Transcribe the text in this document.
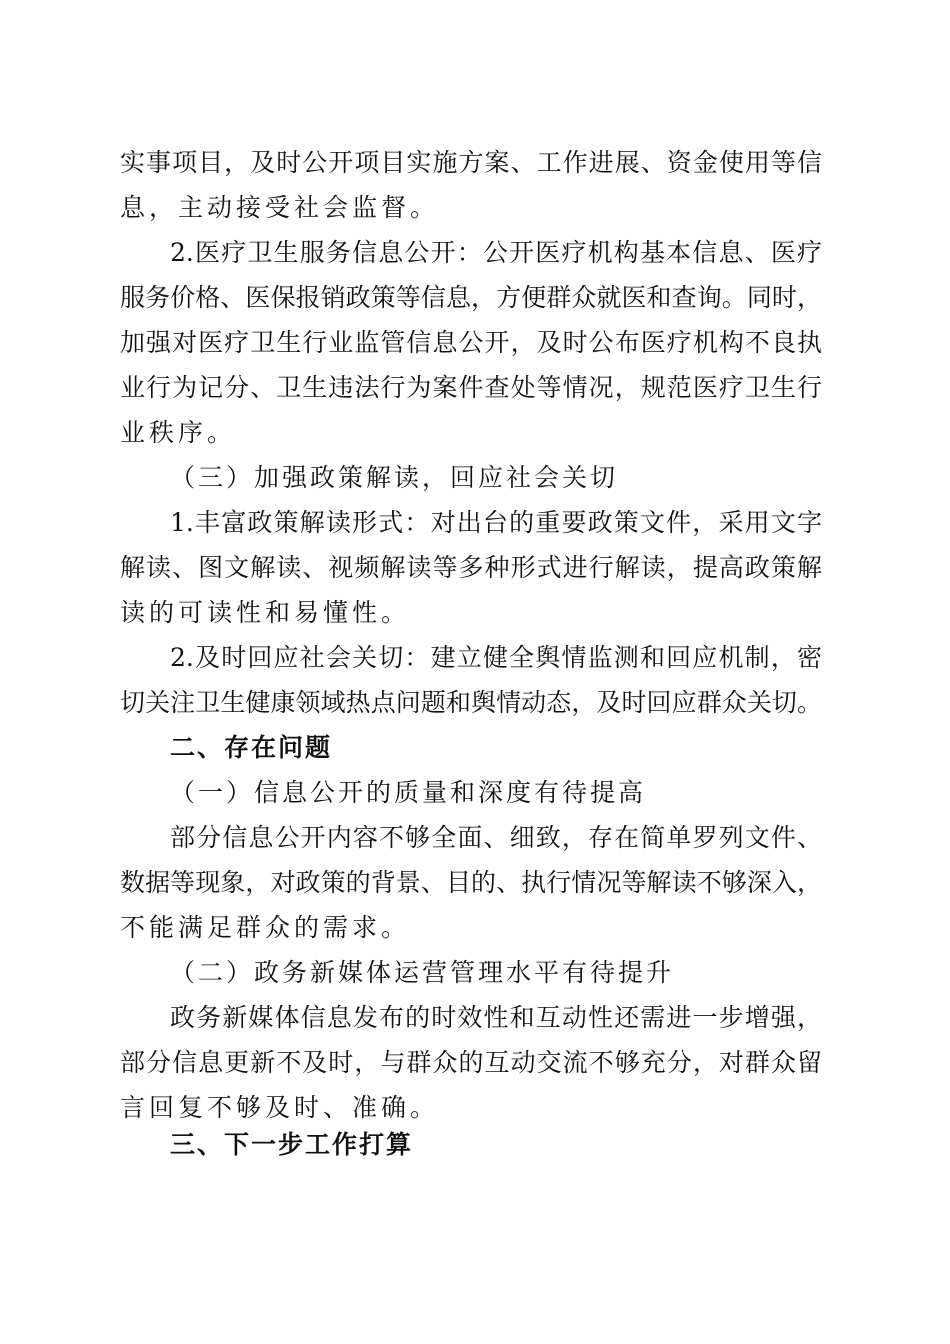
实事项目，及时公开项目实施方案、工作进展、资金使用等信
息，主动接受社会监督。
2.医疗卫生服务信息公开：公开医疗机构基本信息、医疗
服务价格、医保报销政策等信息，方便群众就医和查询。同时，
加强对医疗卫生行业监管信息公开，及时公布医疗机构不良执
业行为记分、卫生违法行为案件查处等情况，规范医疗卫生行
业秩序。
（三）加强政策解读，回应社会关切
1.丰富政策解读形式：对出台的重要政策文件，采用文字
解读、图文解读、视频解读等多种形式进行解读，提高政策解
读的可读性和易懂性。
2.及时回应社会关切：建立健全舆情监测和回应机制，密
切关注卫生健康领域热点问题和舆情动态，及时回应群众关切。
二、存在问题
（一）信息公开的质量和深度有待提高
部分信息公开内容不够全面、细致，存在简单罗列文件、
数据等现象，对政策的背景、目的、执行情况等解读不够深入，
不能满足群众的需求。
（二）政务新媒体运营管理水平有待提升
政务新媒体信息发布的时效性和互动性还需进一步增强，
部分信息更新不及时，与群众的互动交流不够充分，对群众留
言回复不够及时、准确。
三、下一步工作打算
